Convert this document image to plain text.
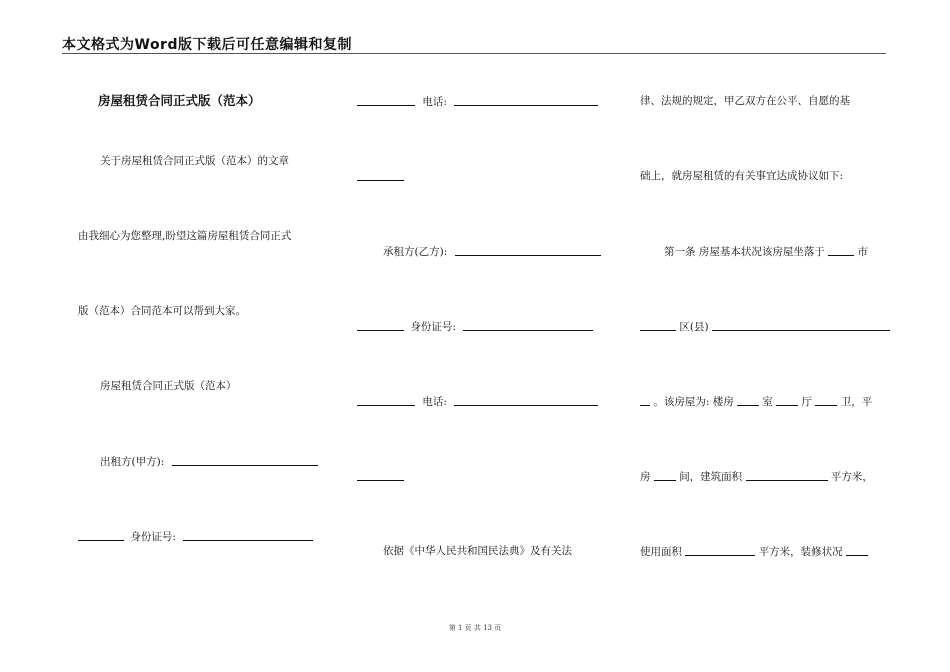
本文格式为Word版下载后可任意编辑和复制
房屋租赁合同正式版（范本）
关于房屋租赁合同正式版（范本）的文章
由我细心为您整理,盼望这篇房屋租赁合同正式
版（范本）合同范本可以帮到大家。
房屋租赁合同正式版（范本）
出租方(甲方):
身份证号:
电话:
承租方(乙方):
身份证号:
电话:
依据《中华人民共和国民法典》及有关法
律、法规的规定，甲乙双方在公平、自愿的基
础上，就房屋租赁的有关事宜达成协议如下:
第一条 房屋基本状况该房屋坐落于	市
区(县)
。该房屋为: 楼房	室	厅	卫，平
房	间，建筑面积	平方米，
使用面积	平方米，装修状况
第 1 页 共 13 页
